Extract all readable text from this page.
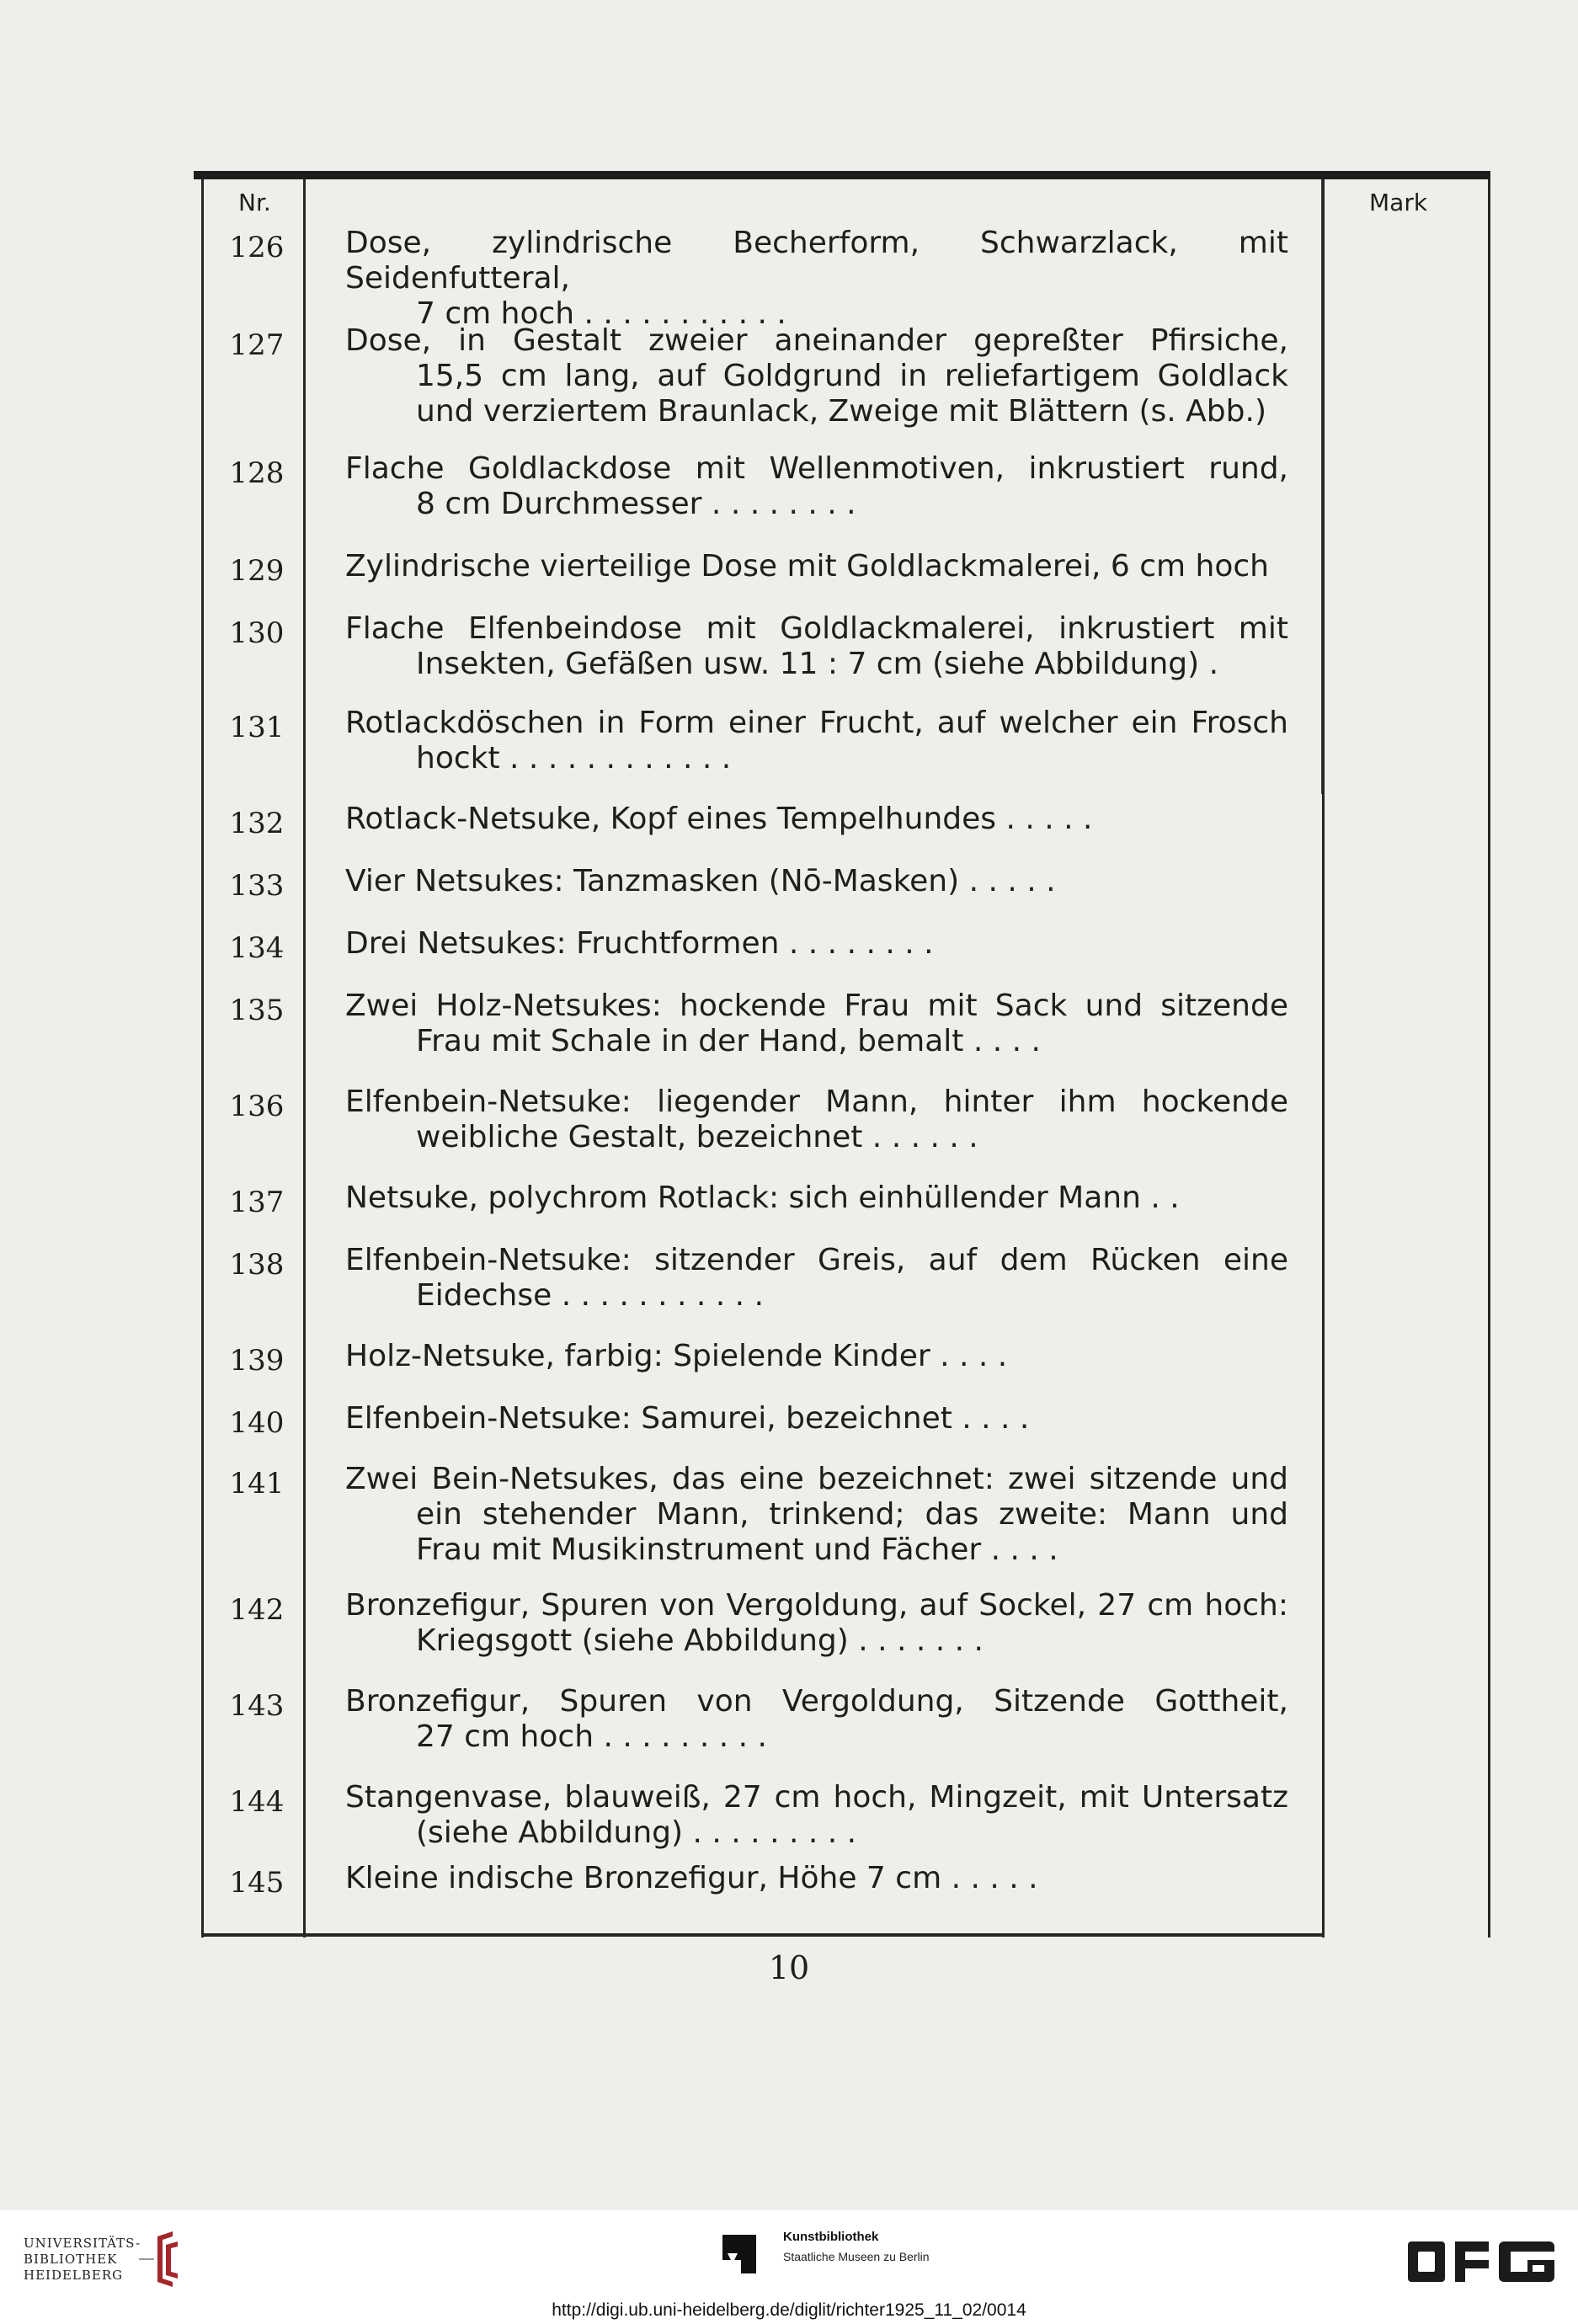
Nr.	Mark
126	Dose, zylindrische Becherform, Schwarzlack, mit Seidenfutteral,
7 cm hoch . . . . . . . . . . .
127	Dose, in Gestalt zweier aneinander gepreßter Pfirsiche,
15,5 cm lang, auf Goldgrund in reliefartigem Goldlack
und verziertem Braunlack, Zweige mit Blättern (s. Abb.)
128	Flache Goldlackdose mit Wellenmotiven, inkrustiert rund,
8 cm Durchmesser . . . . . . . .
129	Zylindrische vierteilige Dose mit Goldlackmalerei, 6 cm hoch
130	Flache Elfenbeindose mit Goldlackmalerei, inkrustiert mit
Insekten, Gefäßen usw. 11 : 7 cm (siehe Abbildung) .
131	Rotlackdöschen in Form einer Frucht, auf welcher ein Frosch
hockt . . . . . . . . . . . .
132	Rotlack-Netsuke, Kopf eines Tempelhundes . . . . .
133	Vier Netsukes: Tanzmasken (Nō-Masken) . . . . .
134	Drei Netsukes: Fruchtformen . . . . . . . .
135	Zwei Holz-Netsukes: hockende Frau mit Sack und sitzende
Frau mit Schale in der Hand, bemalt . . . .
136	Elfenbein-Netsuke: liegender Mann, hinter ihm hockende
weibliche Gestalt, bezeichnet . . . . . .
137	Netsuke, polychrom Rotlack: sich einhüllender Mann . .
138	Elfenbein-Netsuke: sitzender Greis, auf dem Rücken eine
Eidechse . . . . . . . . . . .
139	Holz-Netsuke, farbig: Spielende Kinder . . . .
140	Elfenbein-Netsuke: Samurei, bezeichnet . . . .
141	Zwei Bein-Netsukes, das eine bezeichnet: zwei sitzende und
ein stehender Mann, trinkend; das zweite: Mann und
Frau mit Musikinstrument und Fächer . . . .
142	Bronzefigur, Spuren von Vergoldung, auf Sockel, 27 cm hoch:
Kriegsgott (siehe Abbildung) . . . . . . .
143	Bronzefigur, Spuren von Vergoldung, Sitzende Gottheit,
27 cm hoch . . . . . . . . .
144	Stangenvase, blauweiß, 27 cm hoch, Mingzeit, mit Untersatz
(siehe Abbildung) . . . . . . . . .
145	Kleine indische Bronzefigur, Höhe 7 cm . . . . .
10
UNIVERSITÄTS-
BIBLIOTHEK
HEIDELBERG
Kunstbibliothek
Staatliche Museen zu Berlin
DFG
http://digi.ub.uni-heidelberg.de/diglit/richter1925_11_02/0014
